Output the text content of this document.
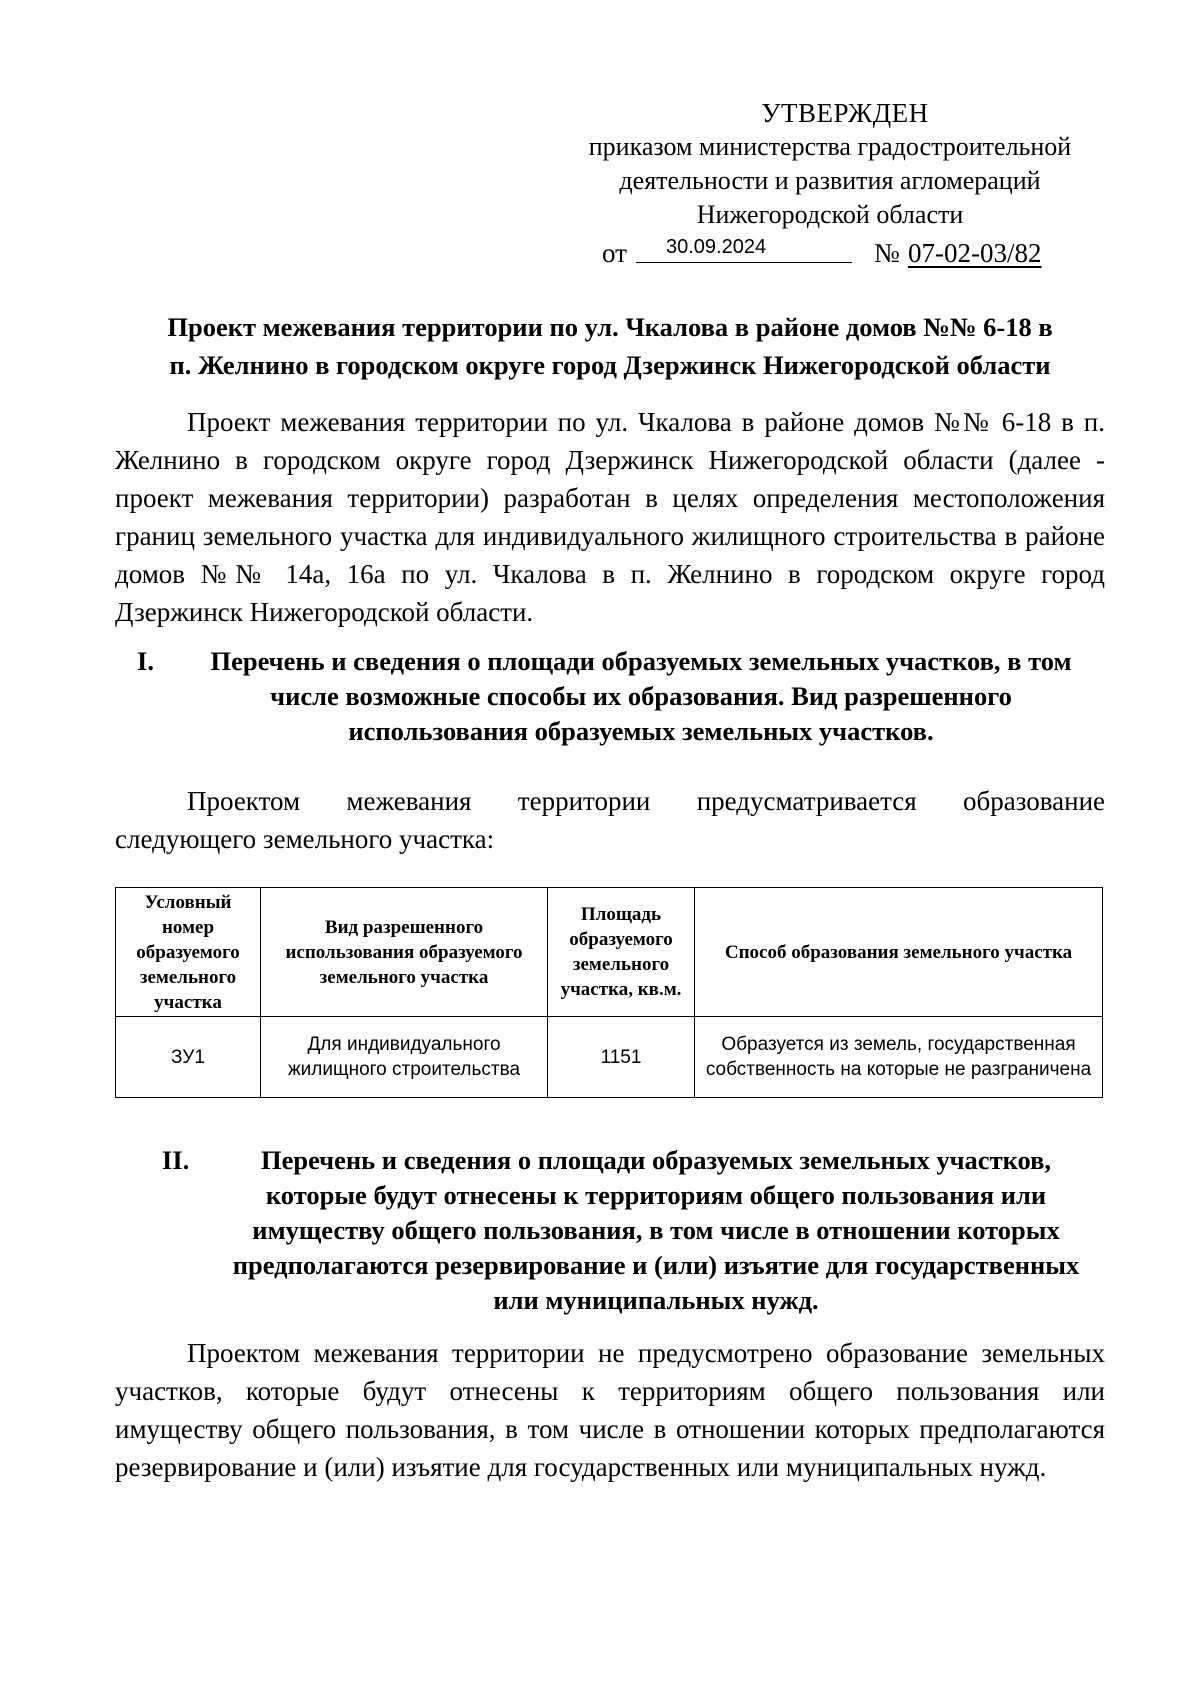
УТВЕРЖДЕН
приказом министерства градостроительной
деятельности и развития агломераций
Нижегородской области
от 30.09.2024	№ 07-02-03/82
Проект межевания территории по ул. Чкалова в районе домов №№ 6-18 в
п. Желнино в городском округе город Дзержинск Нижегородской области

Проект межевания территории по ул. Чкалова в районе домов №№ 6-18 в п. Желнино в городском округе город Дзержинск Нижегородской области (далее - проект межевания территории) разработан в целях определения местоположения границ земельного участка для индивидуального жилищного строительства в районе домов №№ 14а, 16а по ул. Чкалова в п. Желнино в городском округе город Дзержинск Нижегородской области.

I.	Перечень и сведения о площади образуемых земельных участков, в том
числе возможные способы их образования. Вид разрешенного
использования образуемых земельных участков.
Проектом межевания территории предусматривается образование
следующего земельного участка:
Условный номер образуемого земельного участка	Вид разрешенного использования образуемого земельного участка	Площадь образуемого земельного участка, кв.м.	Способ образования земельного участка
ЗУ1	Для индивидуального жилищного строительства	1151	Образуется из земель, государственная собственность на которые не разграничена
II.	Перечень и сведения о площади образуемых земельных участков,
которые будут отнесены к территориям общего пользования или
имуществу общего пользования, в том числе в отношении которых
предполагаются резервирование и (или) изъятие для государственных
или муниципальных нужд.

Проектом межевания территории не предусмотрено образование земельных участков, которые будут отнесены к территориям общего пользования или имуществу общего пользования, в том числе в отношении которых предполагаются резервирование и (или) изъятие для государственных или муниципальных нужд.
